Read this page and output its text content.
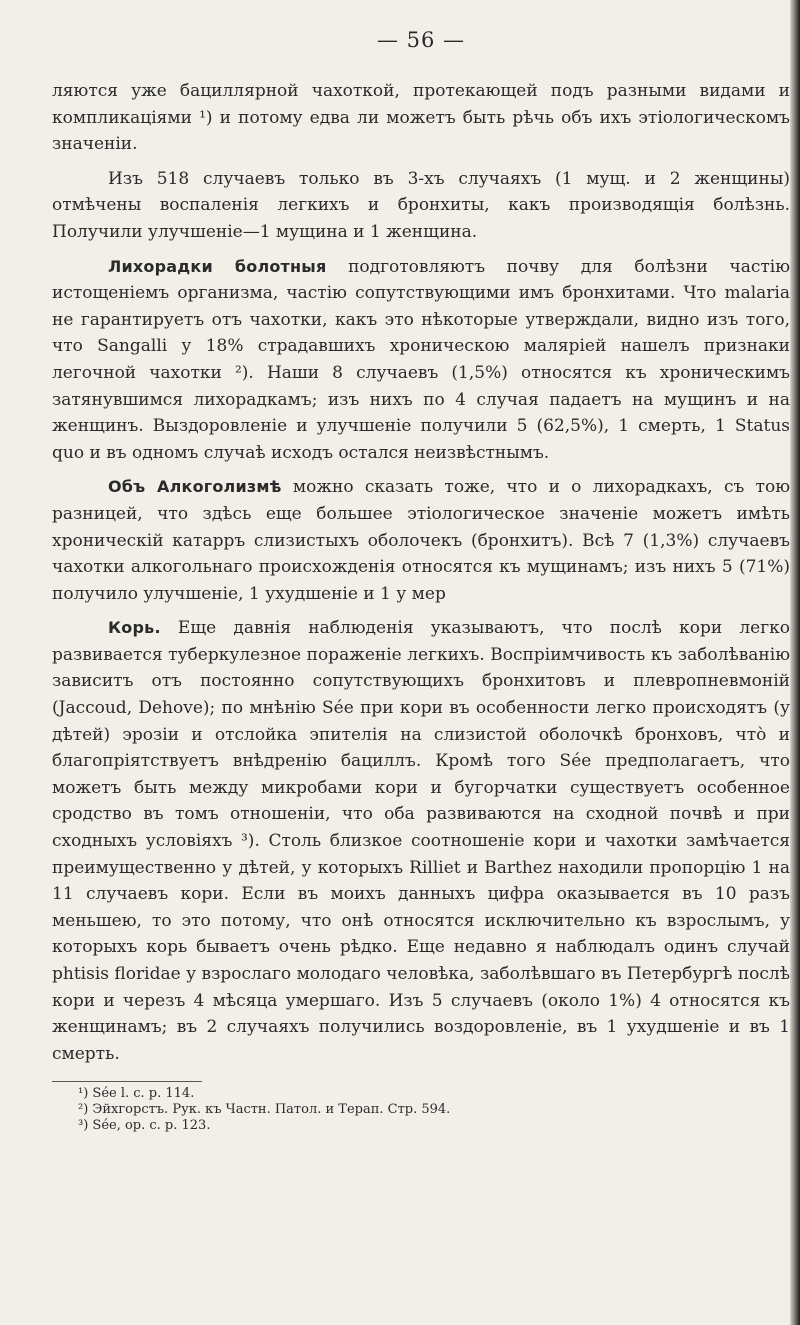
— 56 —

ляются уже бациллярной чахоткой, протекающей подъ разными видами и компликаціями ¹) и потому едва ли можетъ быть рѣчь объ ихъ этіологическомъ значеніи.

Изъ 518 случаевъ только въ 3-хъ случаяхъ (1 мущ. и 2 женщины) отмѣчены воспаленія легкихъ и бронхиты, какъ производящія болѣзнь. Получили улучшеніе—1 мущина и 1 женщина.

Лихорадки болотныя подготовляютъ почву для болѣзни частію истощеніемъ организма, частію сопутствующими имъ бронхитами. Что malaria не гарантируетъ отъ чахотки, какъ это нѣкоторые утверждали, видно изъ того, что Sangalli у 18% страдавшихъ хроническою маляріей нашелъ признаки легочной чахотки ²). Наши 8 случаевъ (1,5%) относятся къ хроническимъ затянувшимся лихорадкамъ; изъ нихъ по 4 случая падаетъ на мущинъ и на женщинъ. Выздоровленіе и улучшеніе получили 5 (62,5%), 1 смерть, 1 Status quo и въ одномъ случаѣ исходъ остался неизвѣстнымъ.

Объ Алкоголизмѣ можно сказать тоже, что и о лихорадкахъ, съ тою разницей, что здѣсь еще большее этіологическое значеніе можетъ имѣть хроническій катарръ слизистыхъ оболочекъ (бронхитъ). Всѣ 7 (1,3%) случаевъ чахотки алкогольнаго происхожденія относятся къ мущинамъ; изъ нихъ 5 (71%) получило улучшеніе, 1 ухудшеніе и 1 у мер

Корь. Еще давнія наблюденія указываютъ, что послѣ кори легко развивается туберкулезное пораженіе легкихъ. Воспріимчивость къ заболѣванію зависитъ отъ постоянно сопутствующихъ бронхитовъ и плевропневмоній (Jaccoud, Dehove); по мнѣнію Sée при кори въ особенности легко происходятъ (у дѣтей) эрозіи и отслойка эпителія на слизистой оболочкѣ бронховъ, что̀ и благопріятствуетъ внѣдренію бациллъ. Кромѣ того Sée предполагаетъ, что можетъ быть между микробами кори и бугорчатки существуетъ особенное сродство въ томъ отношеніи, что оба развиваются на сходной почвѣ и при сходныхъ условіяхъ ³). Столь близкое соотношеніе кори и чахотки замѣчается преимущественно у дѣтей, у которыхъ Rilliet и Barthez находили пропорцію 1 на 11 случаевъ кори. Если въ моихъ данныхъ цифра оказывается въ 10 разъ меньшею, то это потому, что онѣ относятся исключительно къ взрослымъ, у которыхъ корь бываетъ очень рѣдко. Еще недавно я наблюдалъ одинъ случай phtisis floridae у взрослаго молодаго человѣка, заболѣвшаго въ Петербургѣ послѣ кори и черезъ 4 мѣсяца умершаго. Изъ 5 случаевъ (около 1%) 4 относятся къ женщинамъ; въ 2 случаяхъ получились воздоровленіе, въ 1 ухудшеніе и въ 1 смерть.

¹) Sée l. c. p. 114.

²) Эйхгорстъ. Рук. къ Частн. Патол. и Терап. Стр. 594.

³) Sée, op. c. p. 123.
